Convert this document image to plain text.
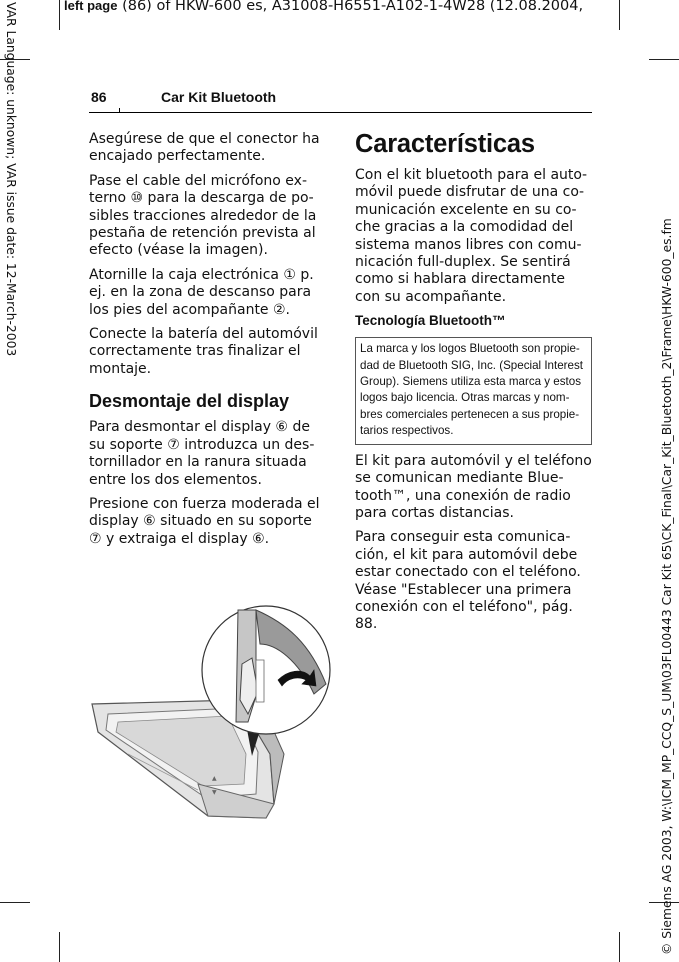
left page (86) of HKW-600 es, A31008-H6551-A102-1-4W28 (12.08.2004,
VAR Language: unknown; VAR issue date: 12-March-2003
© Siemens AG 2003, W:\ICM_MP_CCQ_S_UM\03FL00443 Car Kit 65\CK_Final\Car_Kit_Bluetooth_2\Frame\HKW-600_es.fm
86	Car Kit Bluetooth

Asegúrese de que el conector ha encajado perfectamente.

Pase el cable del micrófono externo ⑩ para la descarga de posibles tracciones alrededor de la pestaña de retención prevista al efecto (véase la imagen).

Atornille la caja electrónica ① p. ej. en la zona de descanso para los pies del acompañante ②.

Conecte la batería del automóvil correctamente tras finalizar el montaje.

Desmontaje del display

Para desmontar el display ⑥ de su soporte ⑦ introduzca un destornillador en la ranura situada entre los dos elementos.

Presione con fuerza moderada el display ⑥ situado en su soporte ⑦ y extraiga el display ⑥.

Características

Con el kit bluetooth para el automóvil puede disfrutar de una comunicación excelente en su coche gracias a la comodidad del sistema manos libres con comunicación full-duplex. Se sentirá como si hablara directamente con su acompañante.

Tecnología Bluetooth™
La marca y los logos Bluetooth son propiedad de Bluetooth SIG, Inc. (Special Interest Group). Siemens utiliza esta marca y estos logos bajo licencia. Otras marcas y nombres comerciales pertenecen a sus propietarios respectivos.

El kit para automóvil y el teléfono se comunican mediante Bluetooth™, una conexión de radio para cortas distancias.

Para conseguir esta comunicación, el kit para automóvil debe estar conectado con el teléfono. Véase "Establecer una primera conexión con el teléfono", pág. 88.

▲
▼
